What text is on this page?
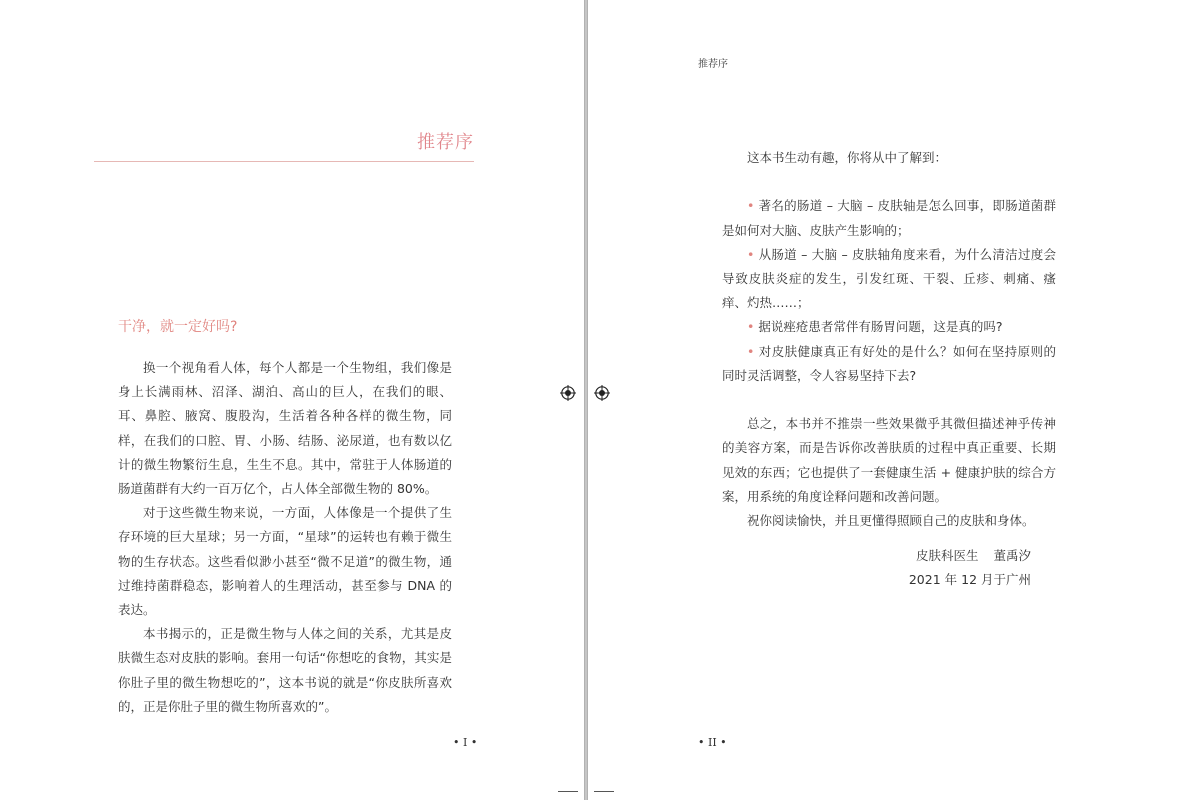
推荐序
干净，就一定好吗?

换一个视角看人体，每个人都是一个生物组，我们像是身上长满雨林、沼泽、湖泊、高山的巨人，在我们的眼、耳、鼻腔、腋窝、腹股沟，生活着各种各样的微生物，同样，在我们的口腔、胃、小肠、结肠、泌尿道，也有数以亿计的微生物繁衍生息，生生不息。其中，常驻于人体肠道的肠道菌群有大约一百万亿个，占人体全部微生物的 80%。

对于这些微生物来说，一方面，人体像是一个提供了生存环境的巨大星球；另一方面，“星球”的运转也有赖于微生物的生存状态。这些看似渺小甚至“微不足道”的微生物，通过维持菌群稳态，影响着人的生理活动，甚至参与 DNA 的表达。

本书揭示的，正是微生物与人体之间的关系，尤其是皮肤微生态对皮肤的影响。套用一句话“你想吃的食物，其实是你肚子里的微生物想吃的”，这本书说的就是“你皮肤所喜欢的，正是你肚子里的微生物所喜欢的”。

• I •
推荐序

这本书生动有趣，你将从中了解到：

• 著名的肠道 – 大脑 – 皮肤轴是怎么回事，即肠道菌群是如何对大脑、皮肤产生影响的；

• 从肠道 – 大脑 – 皮肤轴角度来看，为什么清洁过度会导致皮肤炎症的发生，引发红斑、干裂、丘疹、刺痛、瘙痒、灼热……；

• 据说痤疮患者常伴有肠胃问题，这是真的吗?

• 对皮肤健康真正有好处的是什么？如何在坚持原则的同时灵活调整，令人容易坚持下去?

总之，本书并不推崇一些效果微乎其微但描述神乎传神的美容方案，而是告诉你改善肤质的过程中真正重要、长期见效的东西；它也提供了一套健康生活 + 健康护肤的综合方案，用系统的角度诠释问题和改善问题。

祝你阅读愉快，并且更懂得照顾自己的皮肤和身体。

皮肤科医生 董禹汐
2021 年 12 月于广州
• II •
